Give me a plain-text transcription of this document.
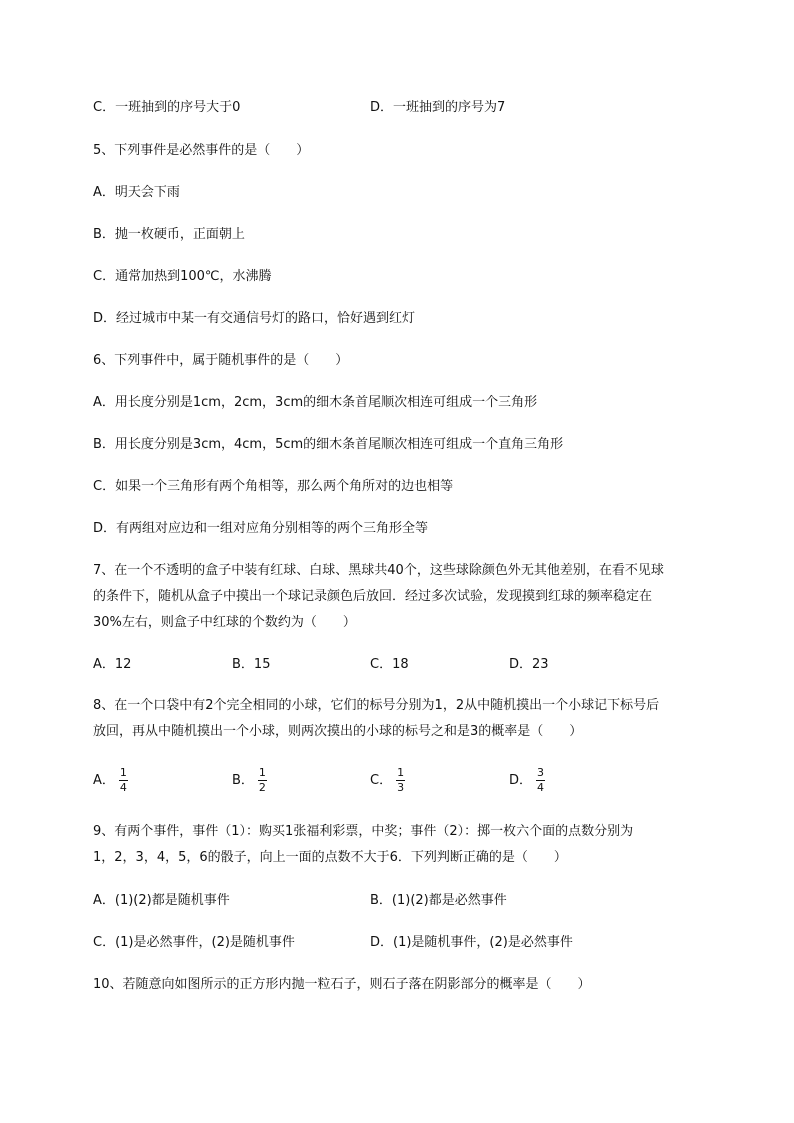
C．一班抽到的序号大于0	D．一班抽到的序号为7
5、下列事件是必然事件的是（　　）
A．明天会下雨
B．抛一枚硬币，正面朝上
C．通常加热到100℃，水沸腾
D．经过城市中某一有交通信号灯的路口，恰好遇到红灯
6、下列事件中，属于随机事件的是（　　）
A．用长度分别是1cm，2cm，3cm的细木条首尾顺次相连可组成一个三角形
B．用长度分别是3cm，4cm，5cm的细木条首尾顺次相连可组成一个直角三角形
C．如果一个三角形有两个角相等，那么两个角所对的边也相等
D．有两组对应边和一组对应角分别相等的两个三角形全等
7、在一个不透明的盒子中装有红球、白球、黑球共40个，这些球除颜色外无其他差别，在看不见球
的条件下，随机从盒子中摸出一个球记录颜色后放回．经过多次试验，发现摸到红球的频率稳定在
30%左右，则盒子中红球的个数约为（　　）
A．12	B．15	C．18	D．23
8、在一个口袋中有2个完全相同的小球，它们的标号分别为1，2从中随机摸出一个小球记下标号后
放回，再从中随机摸出一个小球，则两次摸出的小球的标号之和是3的概率是（　　）
A． $\frac{1}{4}$	B． $\frac{1}{2}$	C． $\frac{1}{3}$	D． $\frac{3}{4}$
9、有两个事件，事件（1）：购买1张福利彩票，中奖；事件（2）：掷一枚六个面的点数分别为
1，2，3，4，5，6的骰子，向上一面的点数不大于6．下列判断正确的是（　　）
A．(1)(2)都是随机事件	B．(1)(2)都是必然事件
C．(1)是必然事件，(2)是随机事件	D．(1)是随机事件，(2)是必然事件
10、若随意向如图所示的正方形内抛一粒石子，则石子落在阴影部分的概率是（　　）
